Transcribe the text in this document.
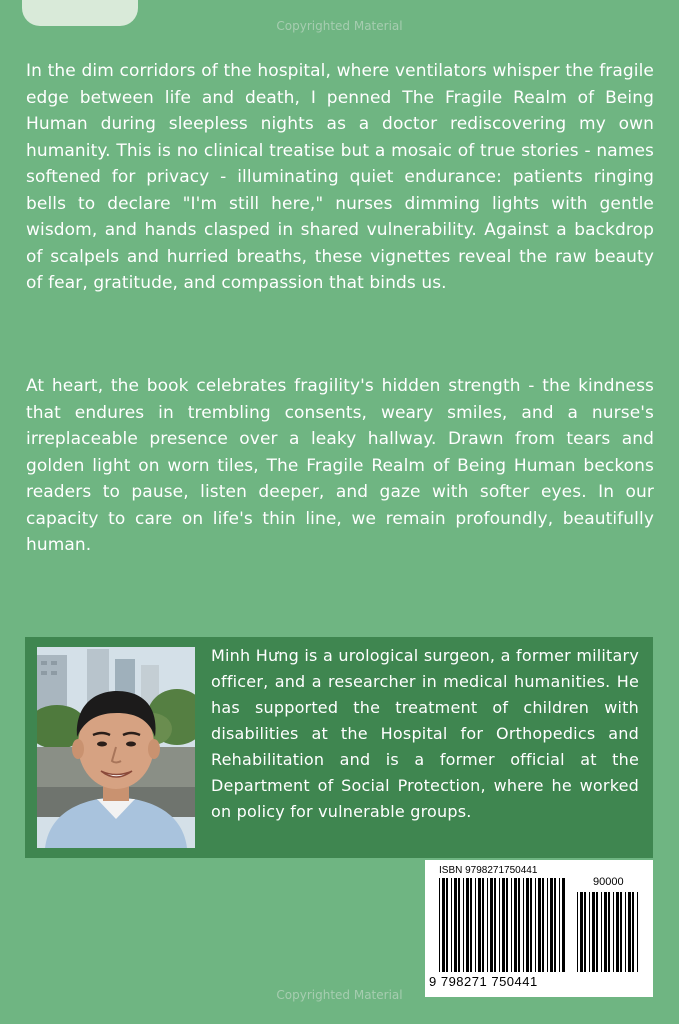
Copyrighted Material

In the dim corridors of the hospital, where ventilators whisper the fragile edge between life and death, I penned The Fragile Realm of Being Human during sleepless nights as a doctor rediscovering my own humanity. This is no clinical treatise but a mosaic of true stories - names softened for privacy - illuminating quiet endurance: patients ringing bells to declare "I'm still here," nurses dimming lights with gentle wisdom, and hands clasped in shared vulnerability. Against a backdrop of scalpels and hurried breaths, these vignettes reveal the raw beauty of fear, gratitude, and compassion that binds us.

At heart, the book celebrates fragility's hidden strength - the kindness that endures in trembling consents, weary smiles, and a nurse's irreplaceable presence over a leaky hallway. Drawn from tears and golden light on worn tiles, The Fragile Realm of Being Human beckons readers to pause, listen deeper, and gaze with softer eyes. In our capacity to care on life's thin line, we remain profoundly, beautifully human.

Minh Hưng is a urological surgeon, a former military officer, and a researcher in medical humanities. He has supported the treatment of children with disabilities at the Hospital for Orthopedics and Rehabilitation and is a former official at the Department of Social Protection, where he worked on policy for vulnerable groups.

ISBN 9798271750441
90000
9 798271 750441
Copyrighted Material
